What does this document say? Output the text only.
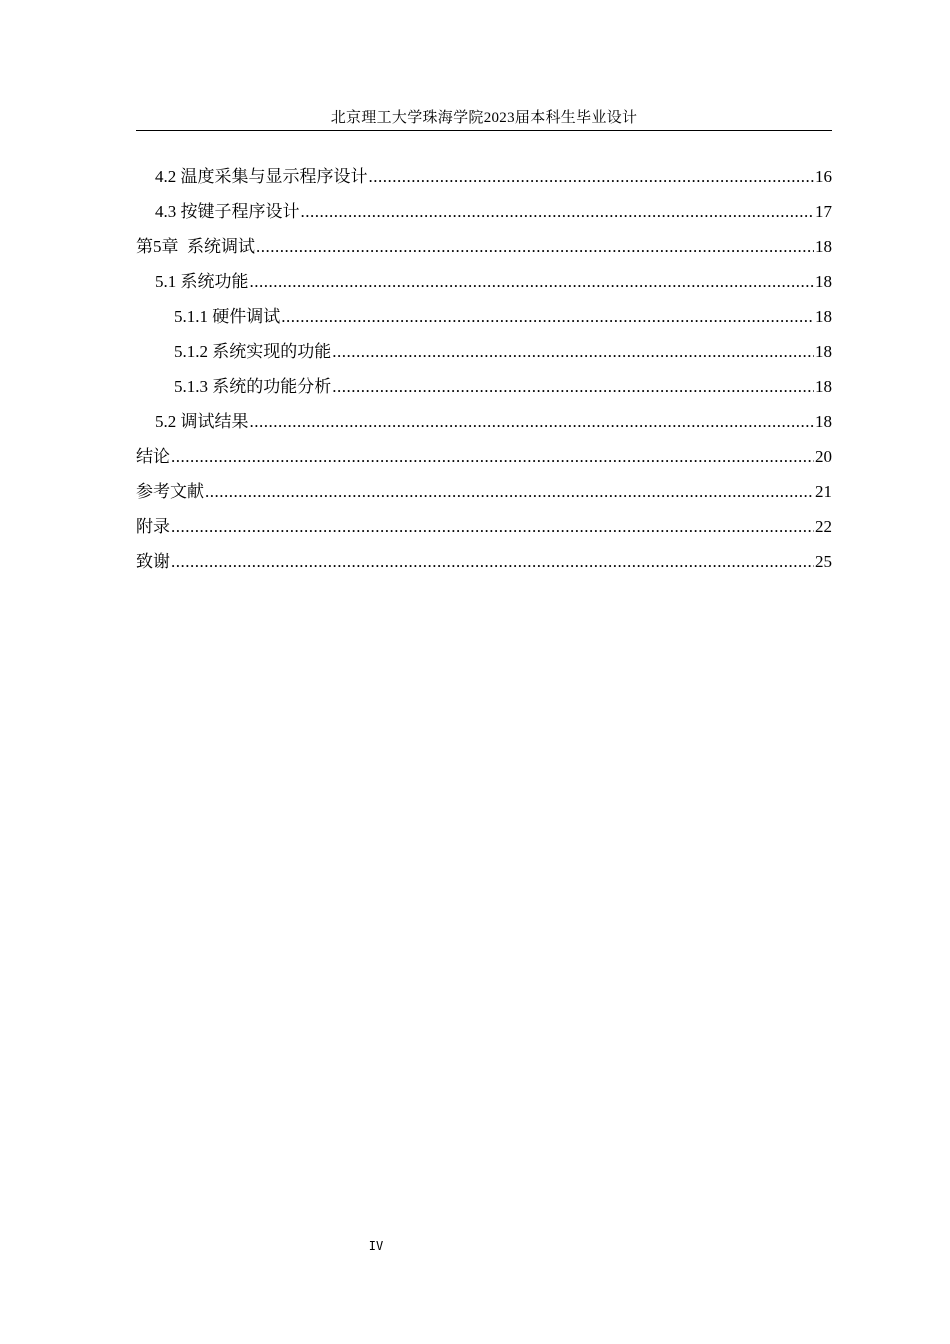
北京理工大学珠海学院2023届本科生毕业设计
4.2 温度采集与显示程序设计 .....	16
4.3 按键子程序设计 .....	17
第5章  系统调试 .....	18
5.1 系统功能 .....	18
5.1.1 硬件调试 .....	18
5.1.2 系统实现的功能 .....	18
5.1.3 系统的功能分析 .....	18
5.2 调试结果 .....	18
结论 .....	20
参考文献 .....	21
附录 .....	22
致谢 .....	25
IV
